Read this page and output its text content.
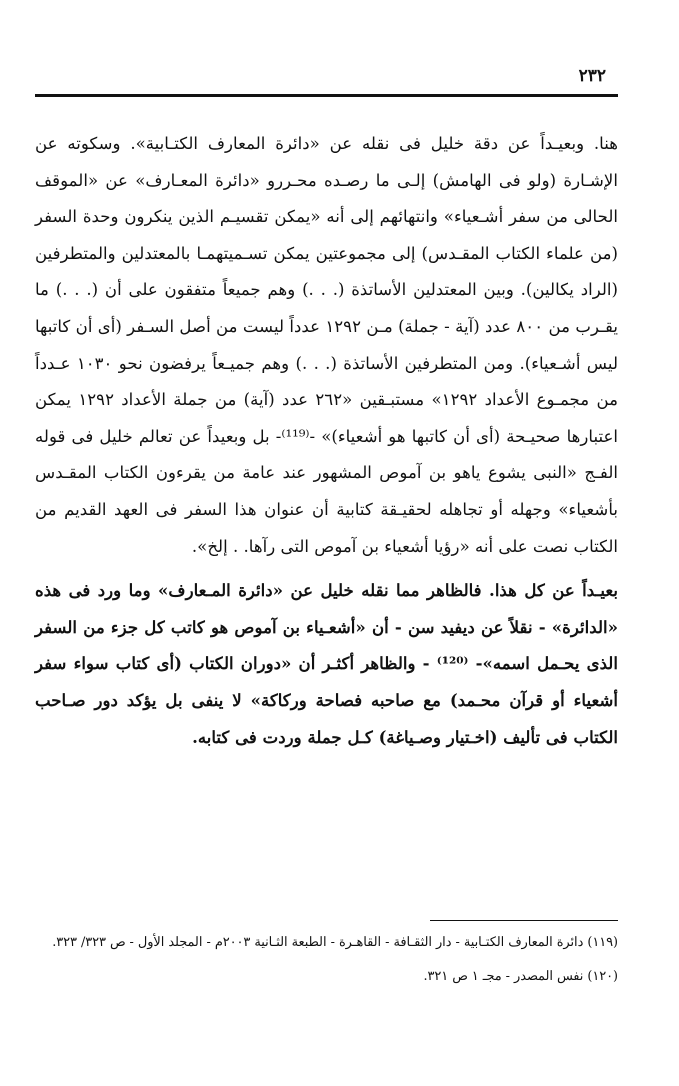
٢٣٢

هنا. وبعيـداً عن دقة خليل فى نقله عن «دائرة المعارف الكتـابية». وسكوته عن الإشـارة (ولو فى الهامش) إلـى ما رصـده محـررو «دائرة المعـارف» عن «الموقف الحالى من سفر أشـعياء» وانتهائهم إلى أنه «يمكن تقسيـم الذين ينكرون وحدة السفر (من علماء الكتاب المقـدس) إلى مجموعتين يمكن تسـميتهمـا بالمعتدلين والمتطرفين (الراد يكالين). وبين المعتدلين الأساتذة (. . .) وهم جميعاً متفقون على أن (. . .) ما يقـرب من ٨٠٠ عدد (آية - جملة) مـن ١٢٩٢ عدداً ليست من أصل السـفر (أى أن كاتبها ليس أشـعياء). ومن المتطرفين الأساتذة (. . .) وهم جميـعاً يرفضون نحو ١٠٣٠ عـدداً من مجمـوع الأعداد ١٢٩٢» مستبـقين «٢٦٢ عدد (آية) من جملة الأعداد ١٢٩٢ يمكن اعتبارها صحيـحة (أى أن كاتبها هو أشعياء)» -⁽¹¹⁹⁾- بل وبعيداً عن تعالم خليل فى قوله الفـج «النبى يشوع ياهو بن آموص المشهور عند عامة من يقرءون الكتاب المقـدس بأشعياء» وجهله أو تجاهله لحقيـقة كتابية أن عنوان هذا السفر فى العهد القديم من الكتاب نصت على أنه «رؤيا أشعياء بن آموص التى رآها. . إلخ».

بعيـداً عن كل هذا. فالظاهر مما نقله خليل عن «دائرة المـعارف» وما ورد فى هذه «الدائرة» - نقلاً عن ديفيد سن - أن «أشعـياء بن آموص هو كاتب كل جزء من السفر الذى يحـمل اسمه»- ⁽¹²⁰⁾ - والظاهر أكثـر أن «دوران الكتاب (أى كتاب سواء سفر أشعياء أو قرآن محـمد) مع صاحبه فصاحة وركاكة» لا ينفى بل يؤكد دور صـاحب الكتاب فى تأليف (اخـتيار وصـياغة) كـل جملة وردت فى كتابه.

(١١٩) دائرة المعارف الكتـابية - دار الثقـافة - القاهـرة - الطبعة الثـانية ٢٠٠٣م - المجلد الأول - ص ٣٢٣/ ٣٢٣.

(١٢٠) نفس المصدر - مجـ ١ ص ٣٢١.
